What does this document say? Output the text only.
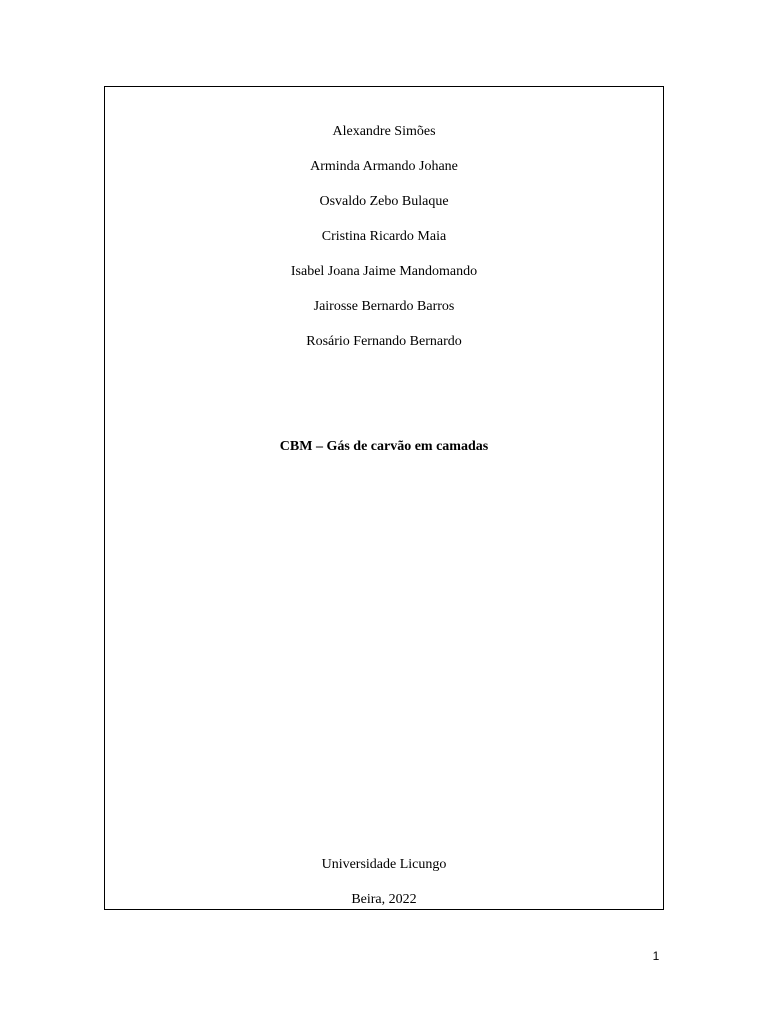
Alexandre Simões
Arminda Armando Johane
Osvaldo Zebo Bulaque
Cristina Ricardo Maia
Isabel Joana Jaime Mandomando
Jairosse Bernardo Barros
Rosário Fernando Bernardo
CBM – Gás de carvão em camadas
Universidade Licungo
Beira, 2022
1
